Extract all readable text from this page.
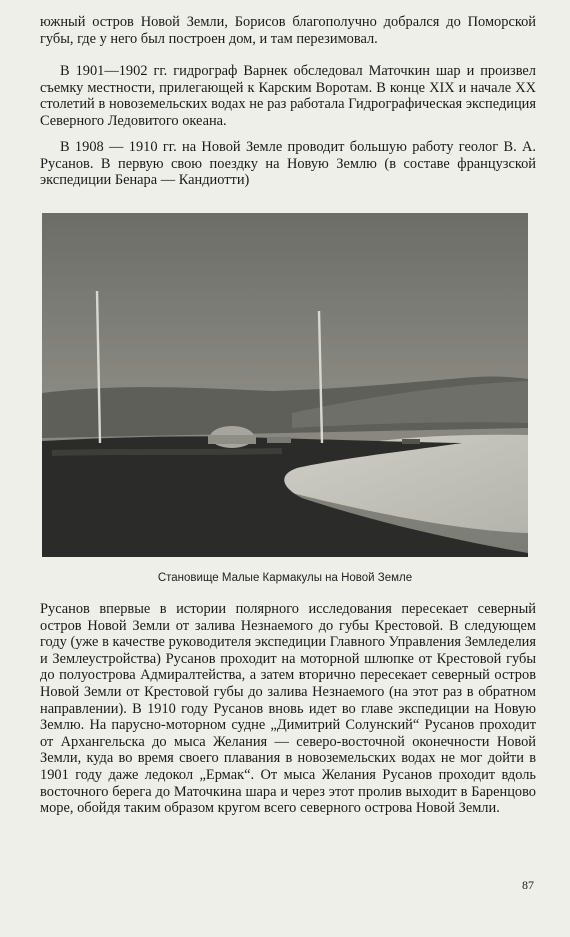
южный остров Новой Земли, Борисов благополучно добрался до Поморской губы, где у него был построен дом, и там перезимовал.

В 1901—1902 гг. гидрограф Варнек обследовал Маточкин шар и произвел съемку местности, прилегающей к Карским Воротам. В конце XIX и начале XX столетий в новоземельских водах не раз работала Гидрографическая экспедиция Северного Ледовитого океана.

В 1908 — 1910 гг. на Новой Земле проводит большую работу геолог В. А. Русанов. В первую свою поездку на Новую Землю (в составе французской экспедиции Бенара — Кандиотти)

Становище Малые Кармакулы на Новой Земле

Русанов впервые в истории полярного исследования пересекает северный остров Новой Земли от залива Незнаемого до губы Крестовой. В следующем году (уже в качестве руководителя экспедиции Главного Управления Земледелия и Землеустройства) Русанов проходит на моторной шлюпке от Крестовой губы до полуострова Адмиралтейства, а затем вторично пересекает северный остров Новой Земли от Крестовой губы до залива Незнаемого (на этот раз в обратном направлении). В 1910 году Русанов вновь идет во главе экспедиции на Новую Землю. На парусно-моторном судне „Димитрий Солунский“ Русанов проходит от Архангельска до мыса Желания — северо-восточной оконечности Новой Земли, куда во время своего плавания в новоземельских водах не мог дойти в 1901 году даже ледокол „Ермак“. От мыса Желания Русанов проходит вдоль восточного берега до Маточкина шара и через этот пролив выходит в Баренцово море, обойдя таким образом кругом всего северного острова Новой Земли.

87
